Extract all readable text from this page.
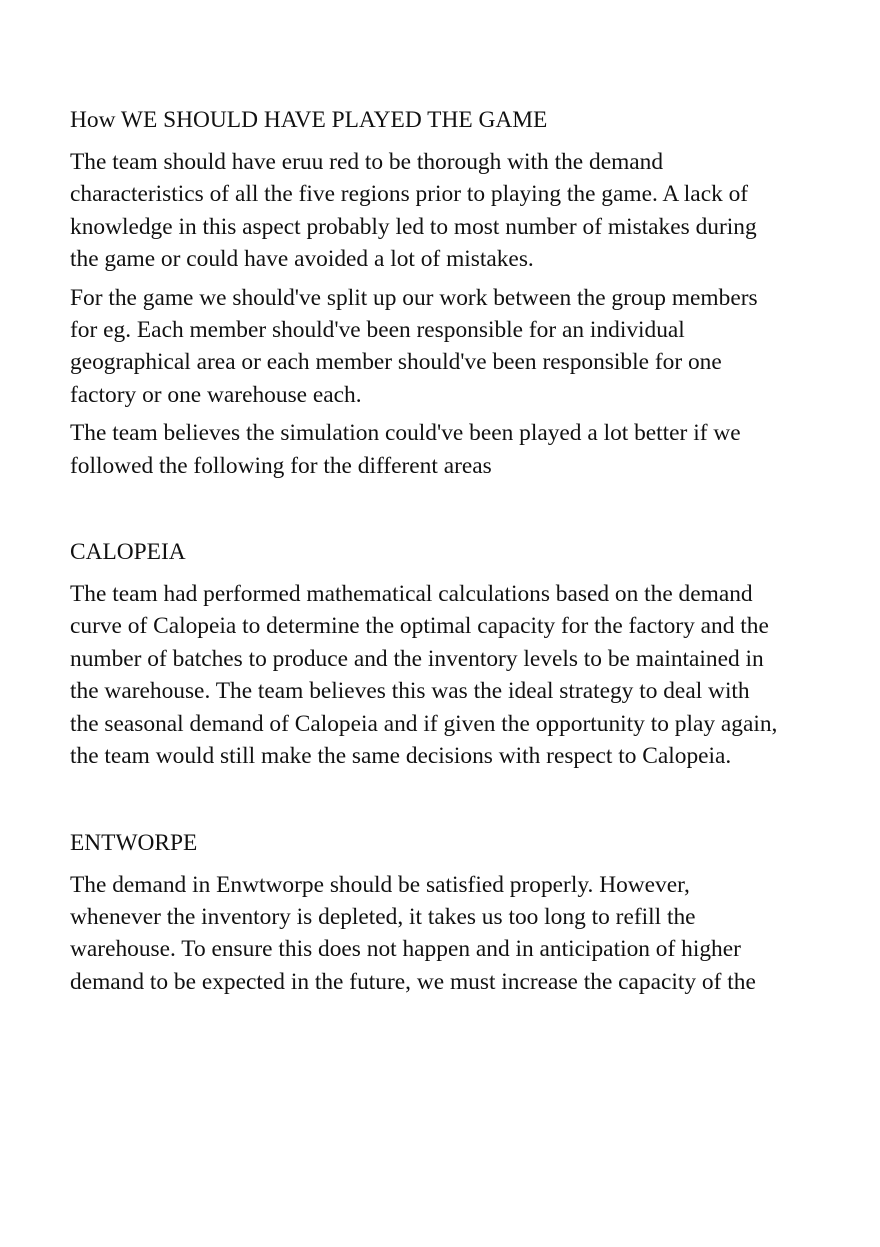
How WE SHOULD HAVE PLAYED THE GAME

The team should have eruu red to be thorough with the demand
characteristics of all the five regions prior to playing the game. A lack of
knowledge in this aspect probably led to most number of mistakes during
the game or could have avoided a lot of mistakes.

For the game we should've split up our work between the group members
for eg. Each member should've been responsible for an individual
geographical area or each member should've been responsible for one
factory or one warehouse each.

The team believes the simulation could've been played a lot better if we
followed the following for the different areas

CALOPEIA

The team had performed mathematical calculations based on the demand
curve of Calopeia to determine the optimal capacity for the factory and the
number of batches to produce and the inventory levels to be maintained in
the warehouse. The team believes this was the ideal strategy to deal with
the seasonal demand of Calopeia and if given the opportunity to play again,
the team would still make the same decisions with respect to Calopeia.

ENTWORPE

The demand in Enwtworpe should be satisfied properly. However,
whenever the inventory is depleted, it takes us too long to refill the
warehouse. To ensure this does not happen and in anticipation of higher
demand to be expected in the future, we must increase the capacity of the
